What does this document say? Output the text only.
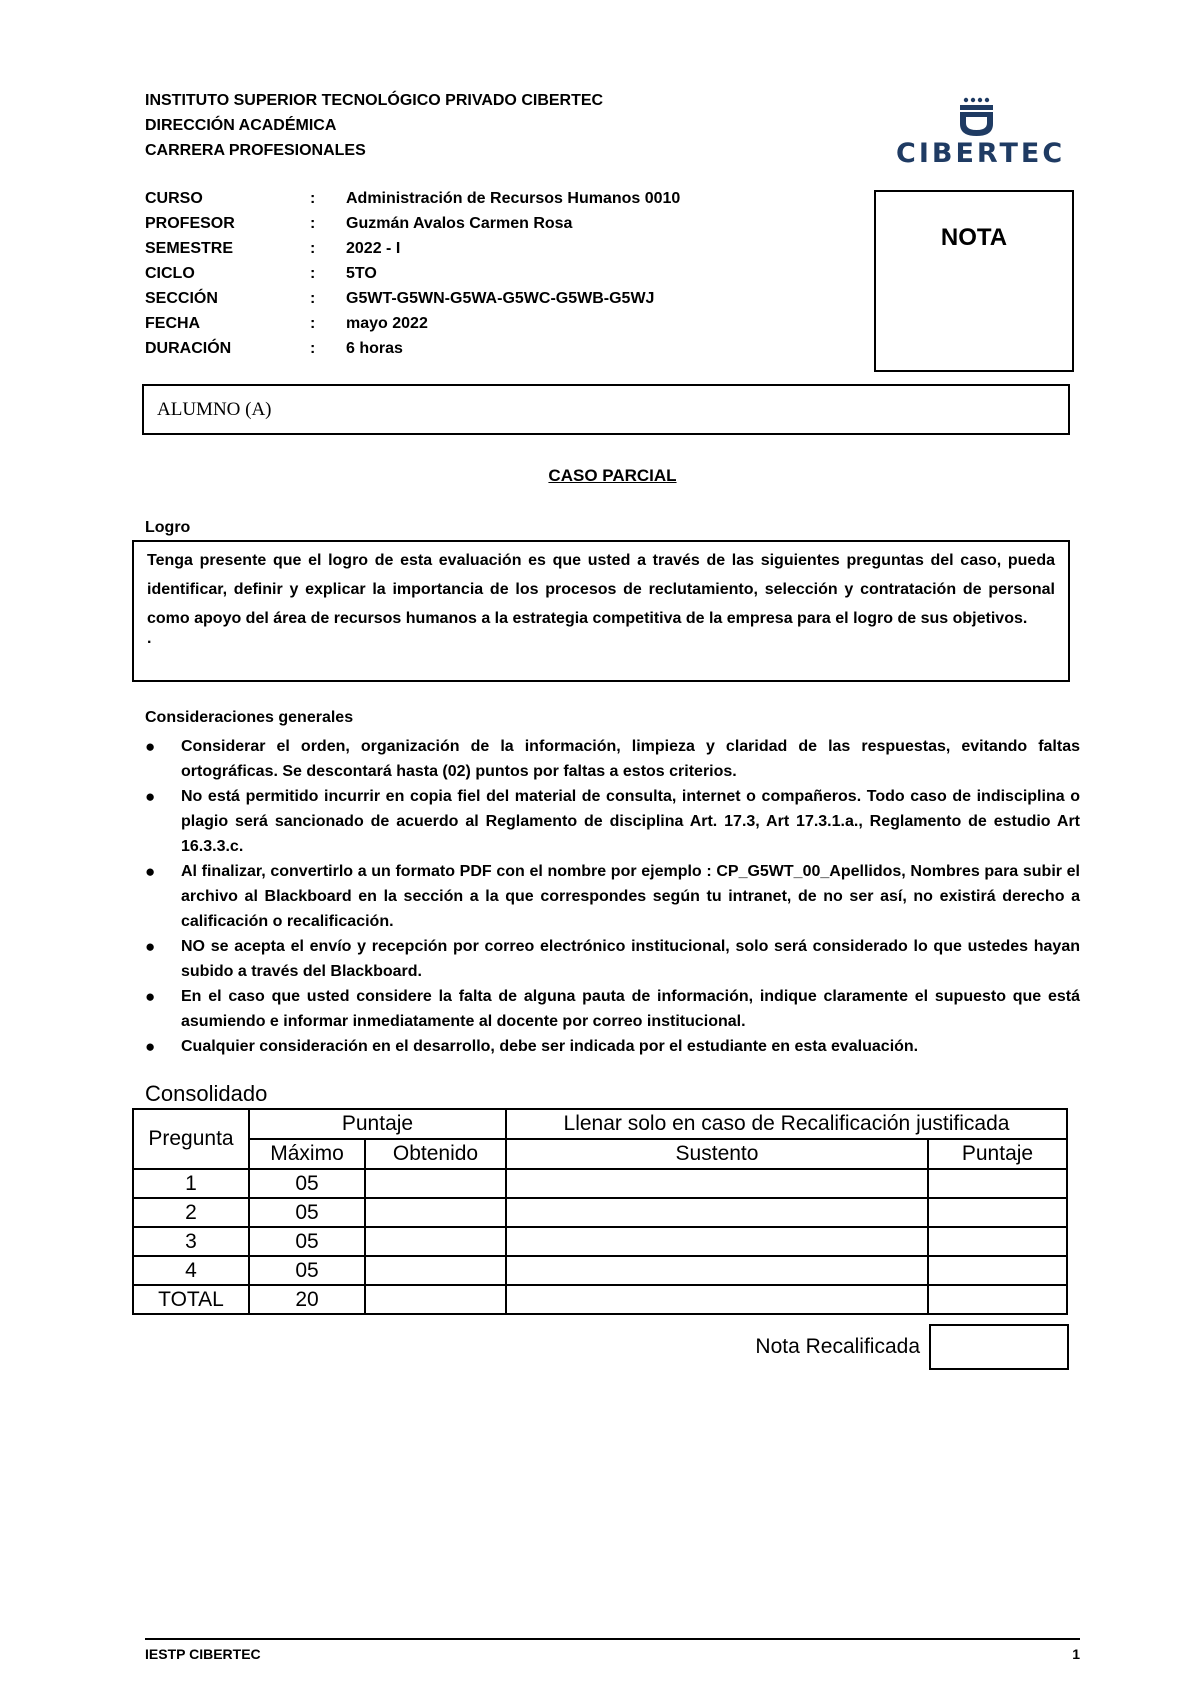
INSTITUTO SUPERIOR TECNOLÓGICO PRIVADO CIBERTEC
DIRECCIÓN ACADÉMICA
CARRERA PROFESIONALES	CIBERTEC
CURSO	:	Administración de Recursos Humanos 0010
PROFESOR	:	Guzmán Avalos Carmen Rosa
SEMESTRE	:	2022 - I
CICLO	:	5TO
SECCIÓN	:	G5WT-G5WN-G5WA-G5WC-G5WB-G5WJ
FECHA	:	mayo 2022
DURACIÓN	:	6 horas
NOTA
ALUMNO (A)
CASO PARCIAL
Logro
Tenga presente que el logro de esta evaluación es que usted a través de las siguientes preguntas del caso, pueda identificar, definir y explicar la importancia de los procesos de reclutamiento, selección y contratación de personal como apoyo del área de recursos humanos a la estrategia competitiva de la empresa para el logro de sus objetivos.
.
Consideraciones generales
● Considerar el orden, organización de la información, limpieza y claridad de las respuestas, evitando faltas ortográficas. Se descontará hasta (02) puntos por faltas a estos criterios.
● No está permitido incurrir en copia fiel del material de consulta, internet o compañeros. Todo caso de indisciplina o plagio será sancionado de acuerdo al Reglamento de disciplina Art. 17.3, Art 17.3.1.a., Reglamento de estudio Art 16.3.3.c.
● Al finalizar, convertirlo a un formato PDF con el nombre por ejemplo : CP_G5WT_00_Apellidos, Nombres para subir el archivo al Blackboard en la sección a la que correspondes según tu intranet, de no ser así, no existirá derecho a calificación o recalificación.
● NO se acepta el envío y recepción por correo electrónico institucional, solo será considerado lo que ustedes hayan subido a través del Blackboard.
● En el caso que usted considere la falta de alguna pauta de información, indique claramente el supuesto que está asumiendo e informar inmediatamente al docente por correo institucional.
● Cualquier consideración en el desarrollo, debe ser indicada por el estudiante en esta evaluación.
Consolidado
Pregunta	Puntaje		Llenar solo en caso de Recalificación justificada	
	Máximo	Obtenido	Sustento	Puntaje
1	05			
2	05			
3	05			
4	05			
TOTAL	20			
Nota Recalificada
IESTP CIBERTEC	1
